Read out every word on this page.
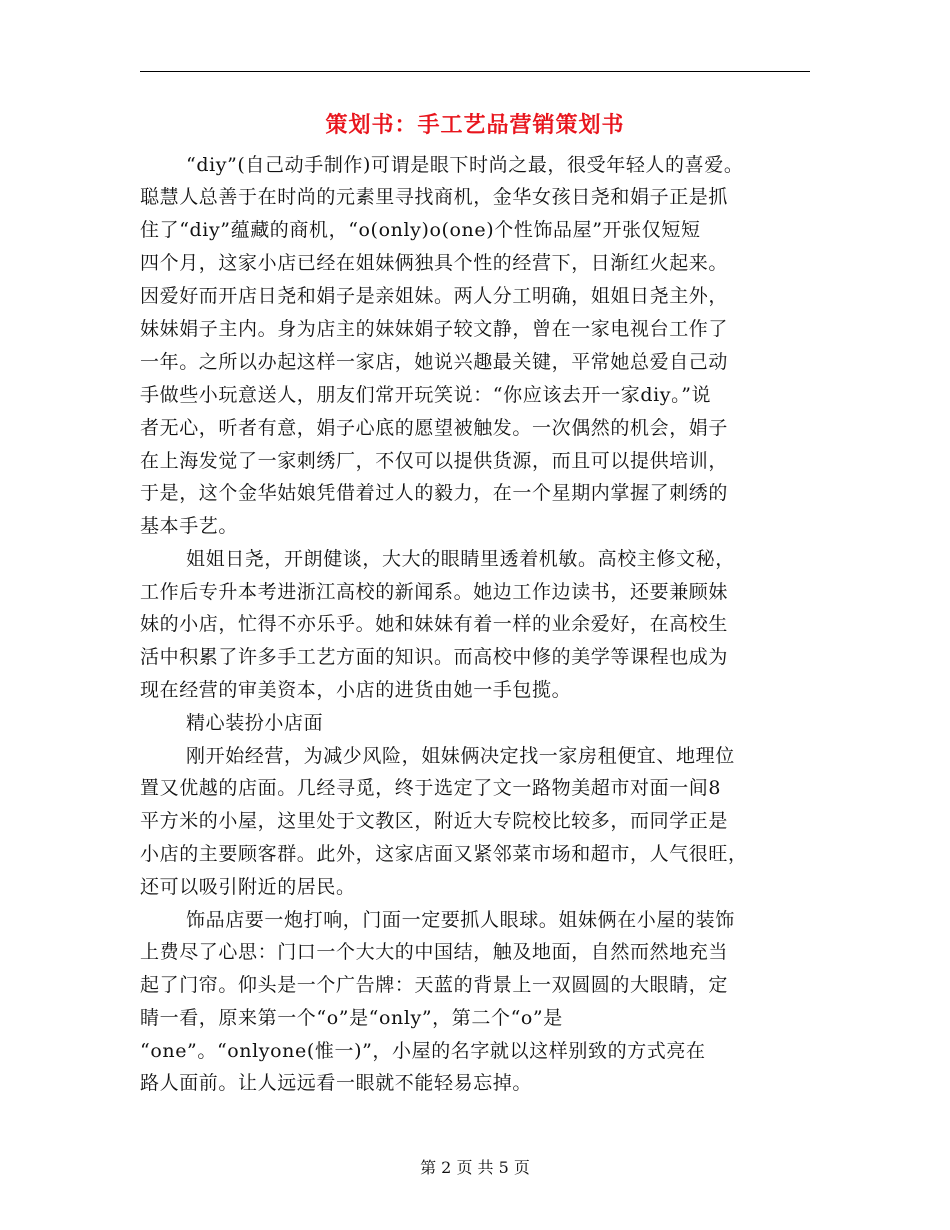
策划书：手工艺品营销策划书
“diy”(自己动手制作)可谓是眼下时尚之最，很受年轻人的喜爱。
聪慧人总善于在时尚的元素里寻找商机，金华女孩日尧和娟子正是抓
住了“diy”蕴藏的商机，“o(only)o(one)个性饰品屋”开张仅短短
四个月，这家小店已经在姐妹俩独具个性的经营下，日渐红火起来。
因爱好而开店日尧和娟子是亲姐妹。两人分工明确，姐姐日尧主外，
妹妹娟子主内。身为店主的妹妹娟子较文静，曾在一家电视台工作了
一年。之所以办起这样一家店，她说兴趣最关键，平常她总爱自己动
手做些小玩意送人，朋友们常开玩笑说：“你应该去开一家diy。”说
者无心，听者有意，娟子心底的愿望被触发。一次偶然的机会，娟子
在上海发觉了一家刺绣厂，不仅可以提供货源，而且可以提供培训，
于是，这个金华姑娘凭借着过人的毅力，在一个星期内掌握了刺绣的
基本手艺。
姐姐日尧，开朗健谈，大大的眼睛里透着机敏。高校主修文秘，
工作后专升本考进浙江高校的新闻系。她边工作边读书，还要兼顾妹
妹的小店，忙得不亦乐乎。她和妹妹有着一样的业余爱好，在高校生
活中积累了许多手工艺方面的知识。而高校中修的美学等课程也成为
现在经营的审美资本，小店的进货由她一手包揽。
精心装扮小店面
刚开始经营，为减少风险，姐妹俩决定找一家房租便宜、地理位
置又优越的店面。几经寻觅，终于选定了文一路物美超市对面一间8
平方米的小屋，这里处于文教区，附近大专院校比较多，而同学正是
小店的主要顾客群。此外，这家店面又紧邻菜市场和超市，人气很旺，
还可以吸引附近的居民。
饰品店要一炮打响，门面一定要抓人眼球。姐妹俩在小屋的装饰
上费尽了心思：门口一个大大的中国结，触及地面，自然而然地充当
起了门帘。仰头是一个广告牌：天蓝的背景上一双圆圆的大眼睛，定
睛一看，原来第一个“o”是“only”，第二个“o”是
“one”。“onlyone(惟一)”，小屋的名字就以这样别致的方式亮在
路人面前。让人远远看一眼就不能轻易忘掉。
第 2 页 共 5 页
